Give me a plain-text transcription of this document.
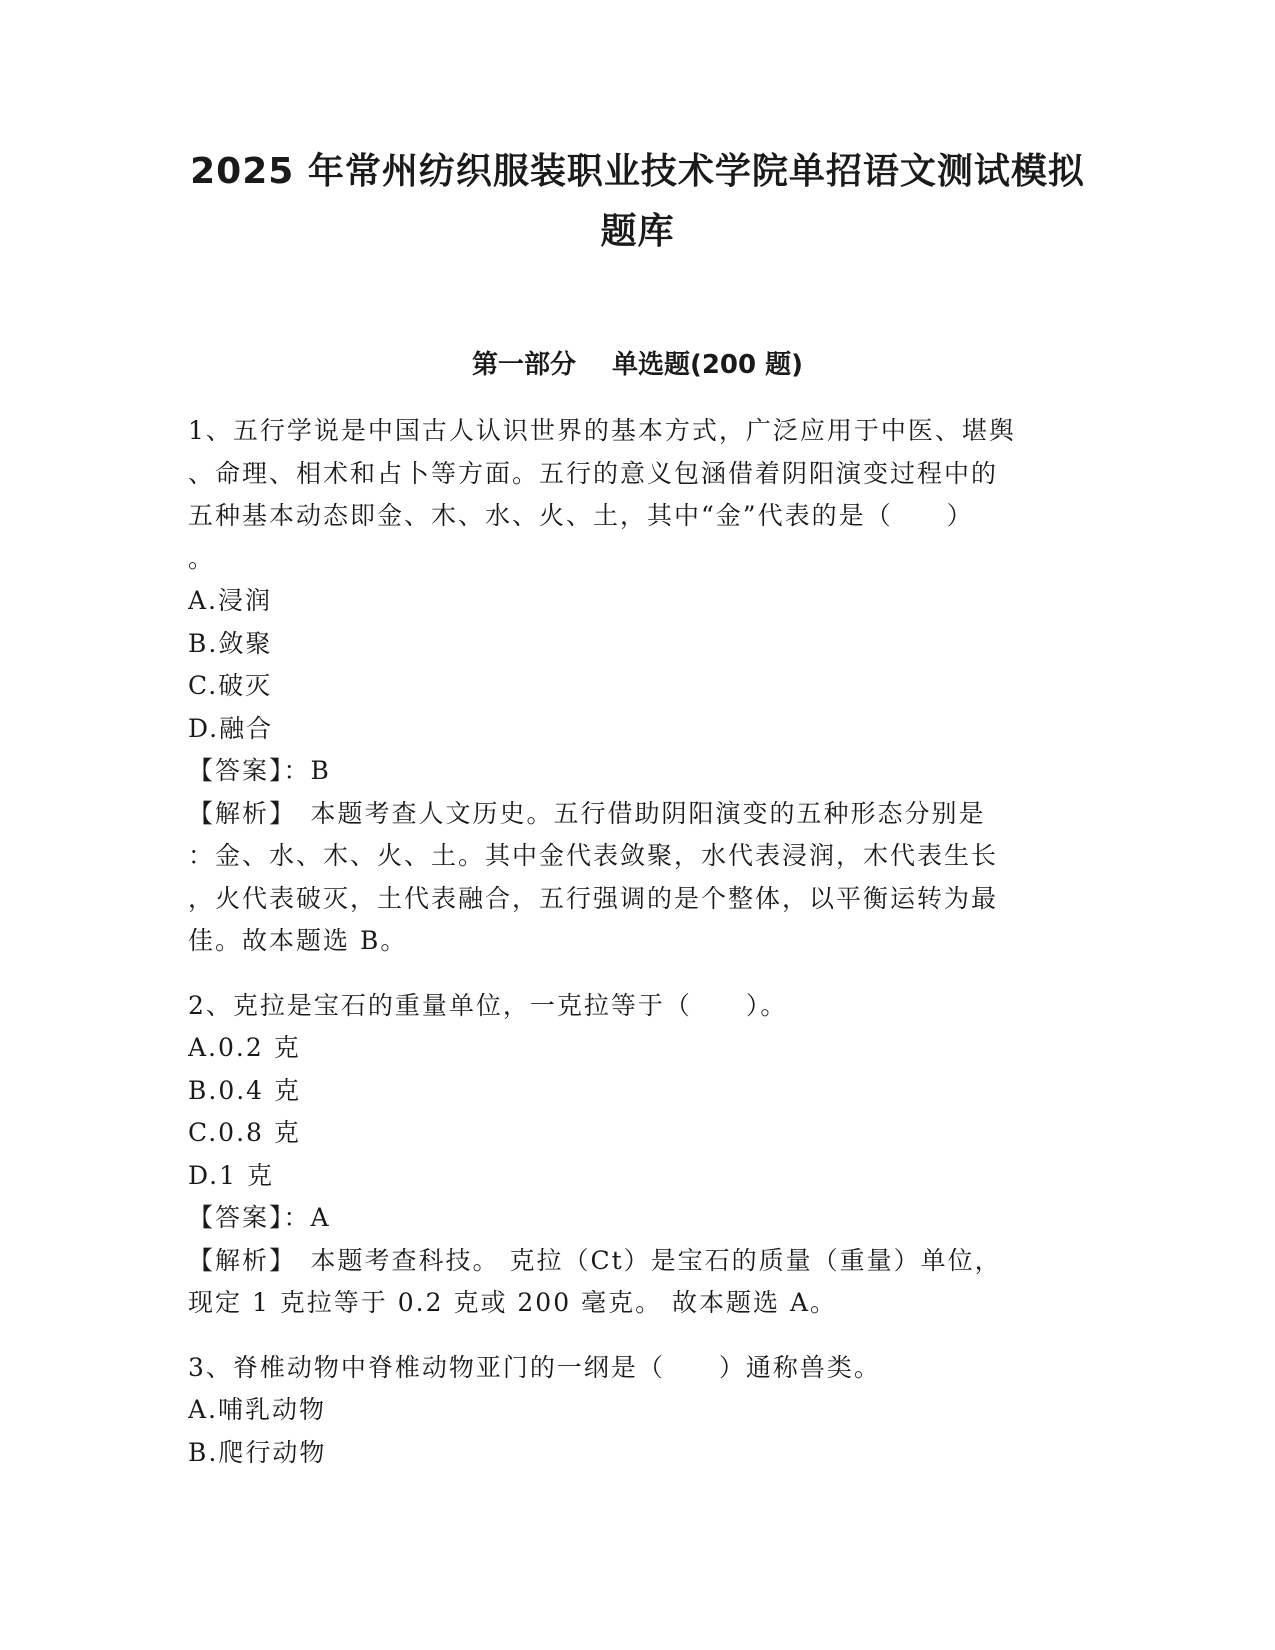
2025 年常州纺织服装职业技术学院单招语文测试模拟
题库
第一部分 单选题(200 题)
1、五行学说是中国古人认识世界的基本方式，广泛应用于中医、堪舆
、命理、相术和占卜等方面。五行的意义包涵借着阴阳演变过程中的
五种基本动态即金、木、水、火、土，其中“金”代表的是（　　）
。
A.浸润
B.敛聚
C.破灭
D.融合
【答案】：B
【解析】　本题考查人文历史。五行借助阴阳演变的五种形态分别是
：金、水、木、火、土。其中金代表敛聚，水代表浸润，木代表生长
，火代表破灭，土代表融合，五行强调的是个整体，以平衡运转为最
佳。故本题选 B。
2、克拉是宝石的重量单位，一克拉等于（　　）。
A.0.2 克
B.0.4 克
C.0.8 克
D.1 克
【答案】：A
【解析】　本题考查科技。 克拉（Ct）是宝石的质量（重量）单位，
现定 1 克拉等于 0.2 克或 200 毫克。 故本题选 A。
3、脊椎动物中脊椎动物亚门的一纲是（　　）通称兽类。
A.哺乳动物
B.爬行动物
